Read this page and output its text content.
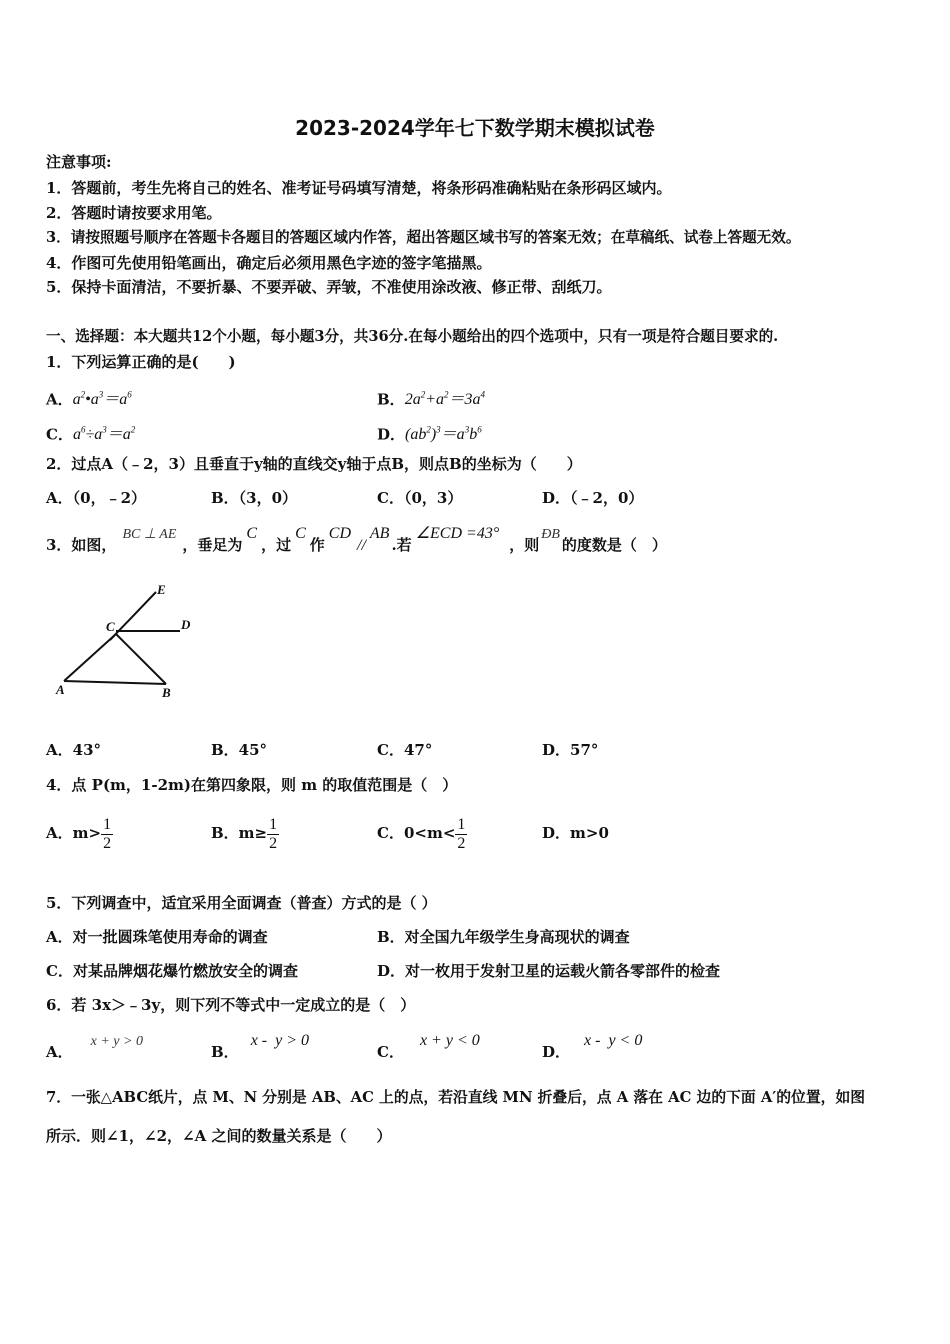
2023-2024学年七下数学期末模拟试卷
注意事项:
1．答题前，考生先将自己的姓名、准考证号码填写清楚，将条形码准确粘贴在条形码区域内。
2．答题时请按要求用笔。
3．请按照题号顺序在答题卡各题目的答题区域内作答，超出答题区域书写的答案无效；在草稿纸、试卷上答题无效。
4．作图可先使用铅笔画出，确定后必须用黑色字迹的签字笔描黑。
5．保持卡面清洁，不要折暴、不要弄破、弄皱，不准使用涂改液、修正带、刮纸刀。
一、选择题：本大题共12个小题，每小题3分，共36分.在每小题给出的四个选项中，只有一项是符合题目要求的.
1．下列运算正确的是(　　)
A．$a^2•a^3=a^6$	B．$2a^2+a^2=3a^4$
C．$a^6\div a^3=a^2$	D．$(ab^2)^3=a^3b^6$
2．过点A（﹣2，3）且垂直于y轴的直线交y轴于点B，则点B的坐标为（　　）
A．（0，﹣2）	B．（3，0）	C．（0，3）	D．（﹣2，0）
3．如图，BC ⊥ AE，垂足为C，过C作CD//AB.若∠ECD =43°，则ÐB的度数是（　）
E
C	D
A	B
A．43°	B．45°	C．47°	D．57°
4．点 P(m，1-2m)在第四象限，则 m 的取值范围是（　）
A．$m> \frac{1}{2}$	B．$m\ge \frac{1}{2}$	C．$0<m< \frac{1}{2}$	D．m>0
5．下列调查中，适宜采用全面调查（普查）方式的是（ ）
A．对一批圆珠笔使用寿命的调查	B．对全国九年级学生身高现状的调查
C．对某品牌烟花爆竹燃放安全的调查	D．对一枚用于发射卫星的运载火箭各零部件的检查
6．若 3x＞﹣3y，则下列不等式中一定成立的是（　）
A．x + y > 0
B．x -  y > 0
C．x + y < 0
D．x -  y < 0
7．一张△ABC纸片，点 M、N 分别是 AB、AC 上的点，若沿直线 MN 折叠后，点 A 落在 AC 边的下面 A′的位置，如图
所示．则∠1，∠2，∠A 之间的数量关系是（　　）
